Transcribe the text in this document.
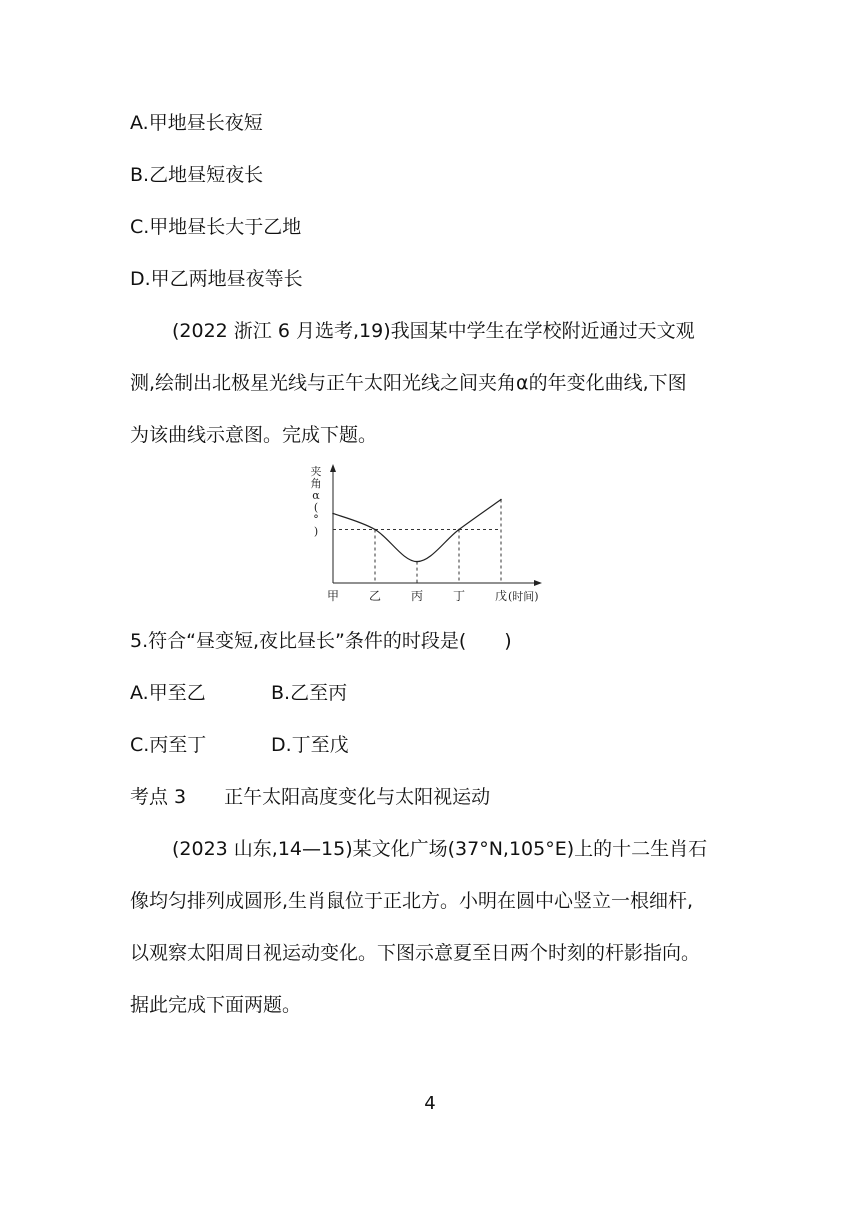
A.甲地昼长夜短
B.乙地昼短夜长
C.甲地昼长大于乙地
D.甲乙两地昼夜等长
(2022 浙江 6 月选考,19)我国某中学生在学校附近通过天文观
测,绘制出北极星光线与正午太阳光线之间夹角α的年变化曲线,下图
为该曲线示意图。完成下题。
夹角 α ( ° )
甲 乙 丙 丁 戊 (时间)
5.符合“昼变短,夜比昼长”条件的时段是(　　)
A.甲至乙	B.乙至丙
C.丙至丁	D.丁至戊
考点 3　　正午太阳高度变化与太阳视运动
(2023 山东,14—15)某文化广场(37°N,105°E)上的十二生肖石
像均匀排列成圆形,生肖鼠位于正北方。小明在圆中心竖立一根细杆,
以观察太阳周日视运动变化。下图示意夏至日两个时刻的杆影指向。
据此完成下面两题。
4
